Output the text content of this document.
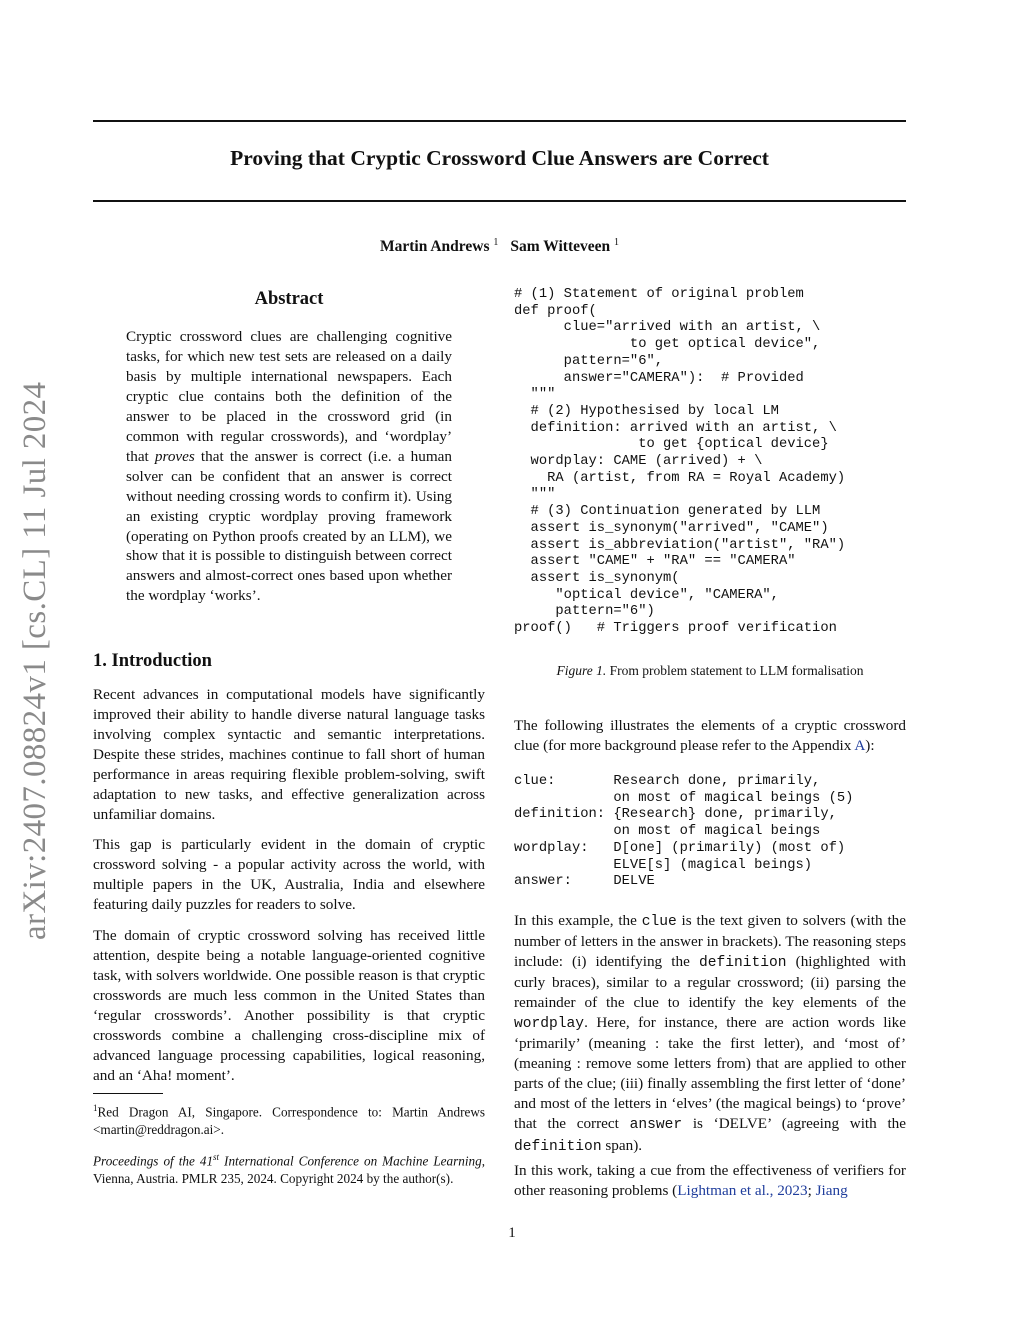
Proving that Cryptic Crossword Clue Answers are Correct
Martin Andrews $^1$ Sam Witteveen $^1$
arXiv:2407.08824v1 [cs.CL] 11 Jul 2024
Abstract
Cryptic crossword clues are challenging cognitive tasks, for which new test sets are released on a daily basis by multiple international newspapers. Each cryptic clue contains both the definition of the answer to be placed in the crossword grid (in common with regular crosswords), and ‘wordplay’ that proves that the answer is correct (i.e. a human solver can be confident that an answer is correct without needing crossing words to confirm it). Using an existing cryptic wordplay proving framework (operating on Python proofs created by an LLM), we show that it is possible to distinguish between correct answers and almost-correct ones based upon whether the wordplay ‘works’.
1. Introduction
Recent advances in computational models have significantly improved their ability to handle diverse natural language tasks involving complex syntactic and semantic interpretations. Despite these strides, machines continue to fall short of human performance in areas requiring flexible problem-solving, swift adaptation to new tasks, and effective generalization across unfamiliar domains.
This gap is particularly evident in the domain of cryptic crossword solving - a popular activity across the world, with multiple papers in the UK, Australia, India and elsewhere featuring daily puzzles for readers to solve.
The domain of cryptic crossword solving has received little attention, despite being a notable language-oriented cognitive task, with solvers worldwide. One possible reason is that cryptic crosswords are much less common in the United States than ‘regular crosswords’. Another possibility is that cryptic crosswords combine a challenging cross-discipline mix of advanced language processing capabilities, logical reasoning, and an ‘Aha! moment’.
$^1$Red Dragon AI, Singapore. Correspondence to: Martin Andrews <martin@reddragon.ai>.
Proceedings of the 41st International Conference on Machine Learning, Vienna, Austria. PMLR 235, 2024. Copyright 2024 by the author(s).
# (1) Statement of original problem
def proof(
clue="arrived with an artist, \
to get optical device",
pattern="6",
answer="CAMERA"):  # Provided
"""
# (2) Hypothesised by local LM
definition: arrived with an artist, \
to get {optical device}
wordplay: CAME (arrived) + \
RA (artist, from RA = Royal Academy)
"""
# (3) Continuation generated by LLM
assert is_synonym("arrived", "CAME")
assert is_abbreviation("artist", "RA")
assert "CAME" + "RA" == "CAMERA"
assert is_synonym(
"optical device", "CAMERA",
pattern="6")
proof()   # Triggers proof verification
Figure 1. From problem statement to LLM formalisation
The following illustrates the elements of a cryptic crossword clue (for more background please refer to the Appendix A):
clue:       Research done, primarily,
on most of magical beings (5)
definition: {Research} done, primarily,
on most of magical beings
wordplay:   D[one] (primarily) (most of)
ELVE[s] (magical beings)
answer:     DELVE
In this example, the clue is the text given to solvers (with the number of letters in the answer in brackets). The reasoning steps include: (i) identifying the definition (highlighted with curly braces), similar to a regular crossword; (ii) parsing the remainder of the clue to identify the key elements of the wordplay. Here, for instance, there are action words like ‘primarily’ (meaning : take the first letter), and ‘most of’ (meaning : remove some letters from) that are applied to other parts of the clue; (iii) finally assembling the first letter of ‘done’ and most of the letters in ‘elves’ (the magical beings) to ‘prove’ that the correct answer is ‘DELVE’ (agreeing with the definition span).
In this work, taking a cue from the effectiveness of verifiers for other reasoning problems (Lightman et al., 2023; Jiang
1
